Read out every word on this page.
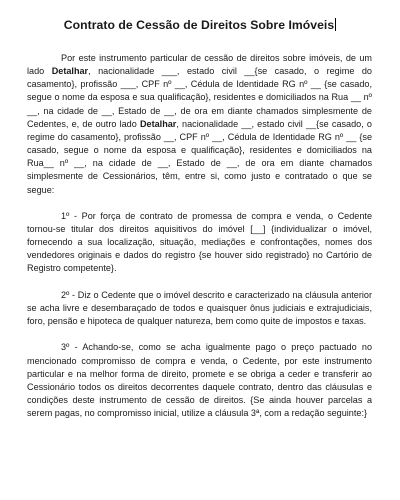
Contrato de Cessão de Direitos Sobre Imóveis

Por este instrumento particular de cessão de direitos sobre imóveis, de um lado Detalhar, nacionalidade ___, estado civil __{se casado, o regime do casamento}, profissão ___, CPF nº __, Cédula de Identidade RG nº __ {se casado, segue o nome da esposa e sua qualificação}, residentes e domiciliados na Rua __ nº __, na cidade de __, Estado de __, de ora em diante chamados simplesmente de Cedentes, e, de outro lado Detalhar, nacionalidade __, estado civil __{se casado, o regime do casamento}, profissão __, CPF nº __, Cédula de Identidade RG nº __ {se casado, segue o nome da esposa e qualificação}, residentes e domiciliados na Rua__ nº __, na cidade de __, Estado de __, de ora em diante chamados simplesmente de Cessionários, têm, entre si, como justo e contratado o que se segue:

1º - Por força de contrato de promessa de compra e venda, o Cedente tornou-se titular dos direitos aquisitivos do imóvel [__] {individualizar o imóvel, fornecendo a sua localização, situação, mediações e confrontações, nomes dos vendedores originais e dados do registro {se houver sido registrado} no Cartório de Registro competente}.

2º - Diz o Cedente que o imóvel descrito e caracterizado na cláusula anterior se acha livre e desembaraçado de todos e quaisquer ônus judiciais e extrajudiciais, foro, pensão e hipoteca de qualquer natureza, bem como quite de impostos e taxas.

3º - Achando-se, como se acha igualmente pago o preço pactuado no mencionado compromisso de compra e venda, o Cedente, por este instrumento particular e na melhor forma de direito, promete e se obriga a ceder e transferir ao Cessionário todos os direitos decorrentes daquele contrato, dentro das cláusulas e condições deste instrumento de cessão de direitos. {Se ainda houver parcelas a serem pagas, no compromisso inicial, utilize a cláusula 3ª, com a redação seguinte:}
